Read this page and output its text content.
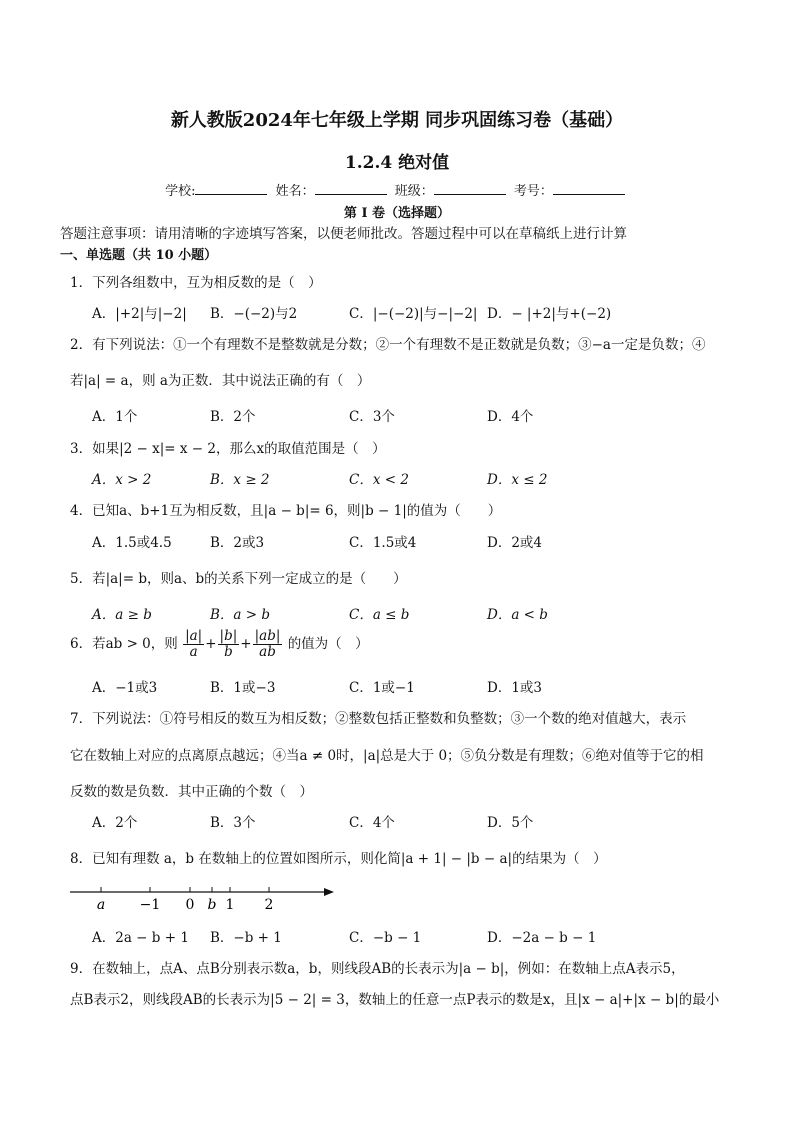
新人教版2024年七年级上学期 同步巩固练习卷（基础）
1.2.4 绝对值
学校:	姓名：	班级：	考号：
第 I 卷（选择题）
答题注意事项：请用清晰的字迹填写答案，以便老师批改。答题过程中可以在草稿纸上进行计算
一、单选题（共 10 小题）
1．下列各组数中，互为相反数的是（　）
A．|+2|与|−2| B．−(−2)与2	C．|−(−2)|与−|−2| D．− |+2|与+(−2)
2．有下列说法：①一个有理数不是整数就是分数；②一个有理数不是正数就是负数；③−a一定是负数；④
若|a| = a，则 a为正数．其中说法正确的有（　）
A．1个	B．2个	C．3个	D．4个
3．如果|2 − x|= x − 2，那么x的取值范围是（　）
A．x > 2	B．x ≥ 2	C．x < 2	D．x ≤ 2
4．已知a、b+1互为相反数，且|a − b|= 6，则|b − 1|的值为（　　）
A．1.5或4.5	B．2或3	C．1.5或4	D．2或4
5．若|a|= b，则a、b的关系下列一定成立的是（　　）
A．a ≥ b	B．a > b	C．a ≤ b	D．a < b
6．若ab > 0，则 $\frac{|a|}{a} + \frac{|b|}{b} + \frac{|ab|}{ab}$ 的值为（　）
A．−1或3	B．1或−3	C．1或−1	D．1或3
7．下列说法：①符号相反的数互为相反数；②整数包括正整数和负整数；③一个数的绝对值越大，表示
它在数轴上对应的点离原点越远；④当a ≠ 0时，|a|总是大于 0；⑤负分数是有理数；⑥绝对值等于它的相
反数的数是负数．其中正确的个数（　）
A．2个	B．3个	C．4个	D．5个
8．已知有理数 a，b 在数轴上的位置如图所示，则化简|a + 1| − |b − a|的结果为（　）
a −1 0 b 1 2
A．2a − b + 1 B．−b + 1	C．−b − 1	D．−2a − b − 1
9．在数轴上，点A、点B分别表示数a，b，则线段AB的长表示为|a − b|，例如：在数轴上点A表示5，
点B表示2，则线段AB的长表示为|5 − 2| = 3，数轴上的任意一点P表示的数是x，且|x − a|+|x − b|的最小
